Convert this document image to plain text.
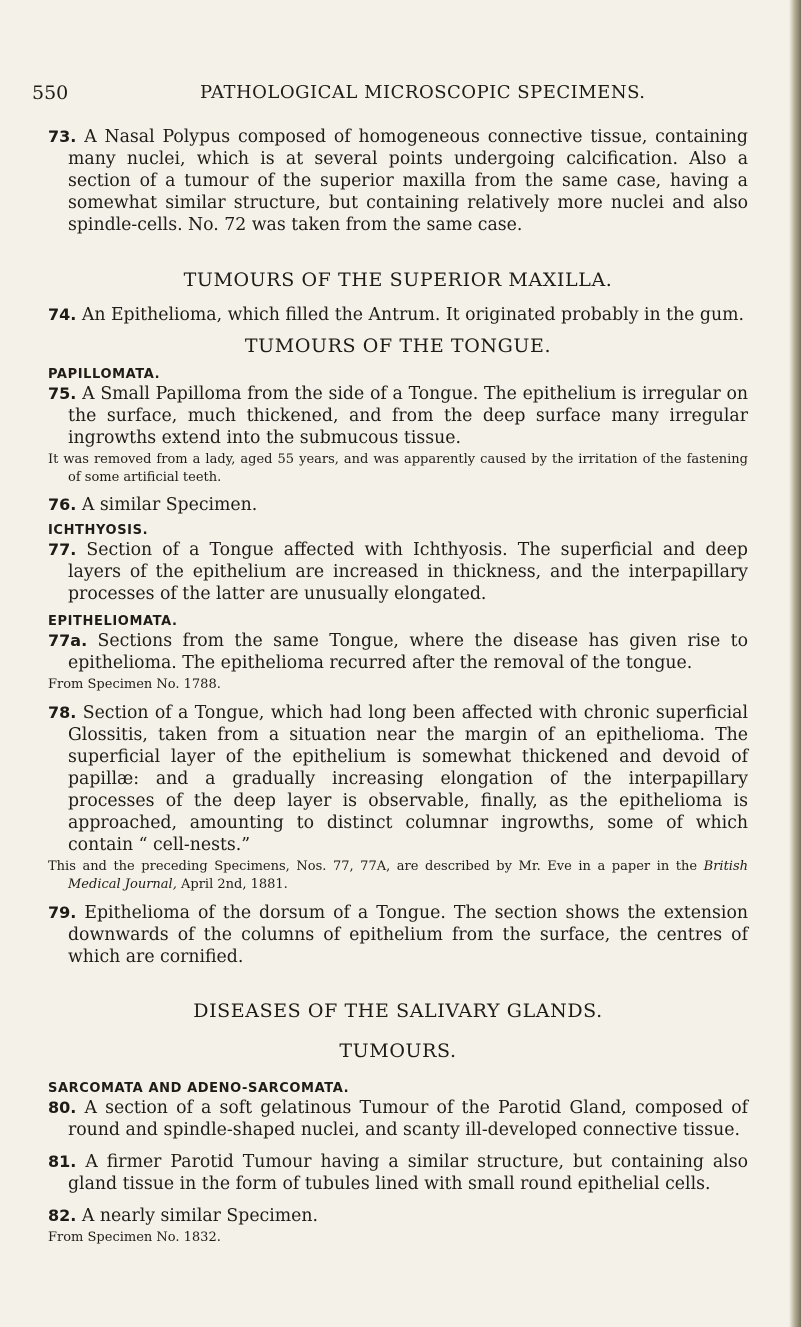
550	PATHOLOGICAL MICROSCOPIC SPECIMENS.

73. A Nasal Polypus composed of homogeneous connective tissue, containing many nuclei, which is at several points undergoing calcification. Also a section of a tumour of the superior maxilla from the same case, having a somewhat similar structure, but containing relatively more nuclei and also spindle-cells. No. 72 was taken from the same case.

TUMOURS OF THE SUPERIOR MAXILLA.

74. An Epithelioma, which filled the Antrum. It originated probably in the gum.

TUMOURS OF THE TONGUE.

PAPILLOMATA.

75. A Small Papilloma from the side of a Tongue. The epithelium is irregular on the surface, much thickened, and from the deep surface many irregular ingrowths extend into the submucous tissue.

It was removed from a lady, aged 55 years, and was apparently caused by the irritation of the fastening of some artificial teeth.

76. A similar Specimen.

ICHTHYOSIS.

77. Section of a Tongue affected with Ichthyosis. The superficial and deep layers of the epithelium are increased in thickness, and the interpapillary processes of the latter are unusually elongated.

EPITHELIOMATA.

77a. Sections from the same Tongue, where the disease has given rise to epithelioma. The epithelioma recurred after the removal of the tongue.

From Specimen No. 1788.

78. Section of a Tongue, which had long been affected with chronic superficial Glossitis, taken from a situation near the margin of an epithelioma. The superficial layer of the epithelium is somewhat thickened and devoid of papillæ: and a gradually increasing elongation of the interpapillary processes of the deep layer is observable, finally, as the epithelioma is approached, amounting to distinct columnar ingrowths, some of which contain “ cell-nests.”

This and the preceding Specimens, Nos. 77, 77A, are described by Mr. Eve in a paper in the British Medical Journal, April 2nd, 1881.

79. Epithelioma of the dorsum of a Tongue. The section shows the extension downwards of the columns of epithelium from the surface, the centres of which are cornified.

DISEASES OF THE SALIVARY GLANDS.

TUMOURS.

SARCOMATA AND ADENO-SARCOMATA.

80. A section of a soft gelatinous Tumour of the Parotid Gland, composed of round and spindle-shaped nuclei, and scanty ill-developed connective tissue.

81. A firmer Parotid Tumour having a similar structure, but containing also gland tissue in the form of tubules lined with small round epithelial cells.

82. A nearly similar Specimen.

From Specimen No. 1832.
